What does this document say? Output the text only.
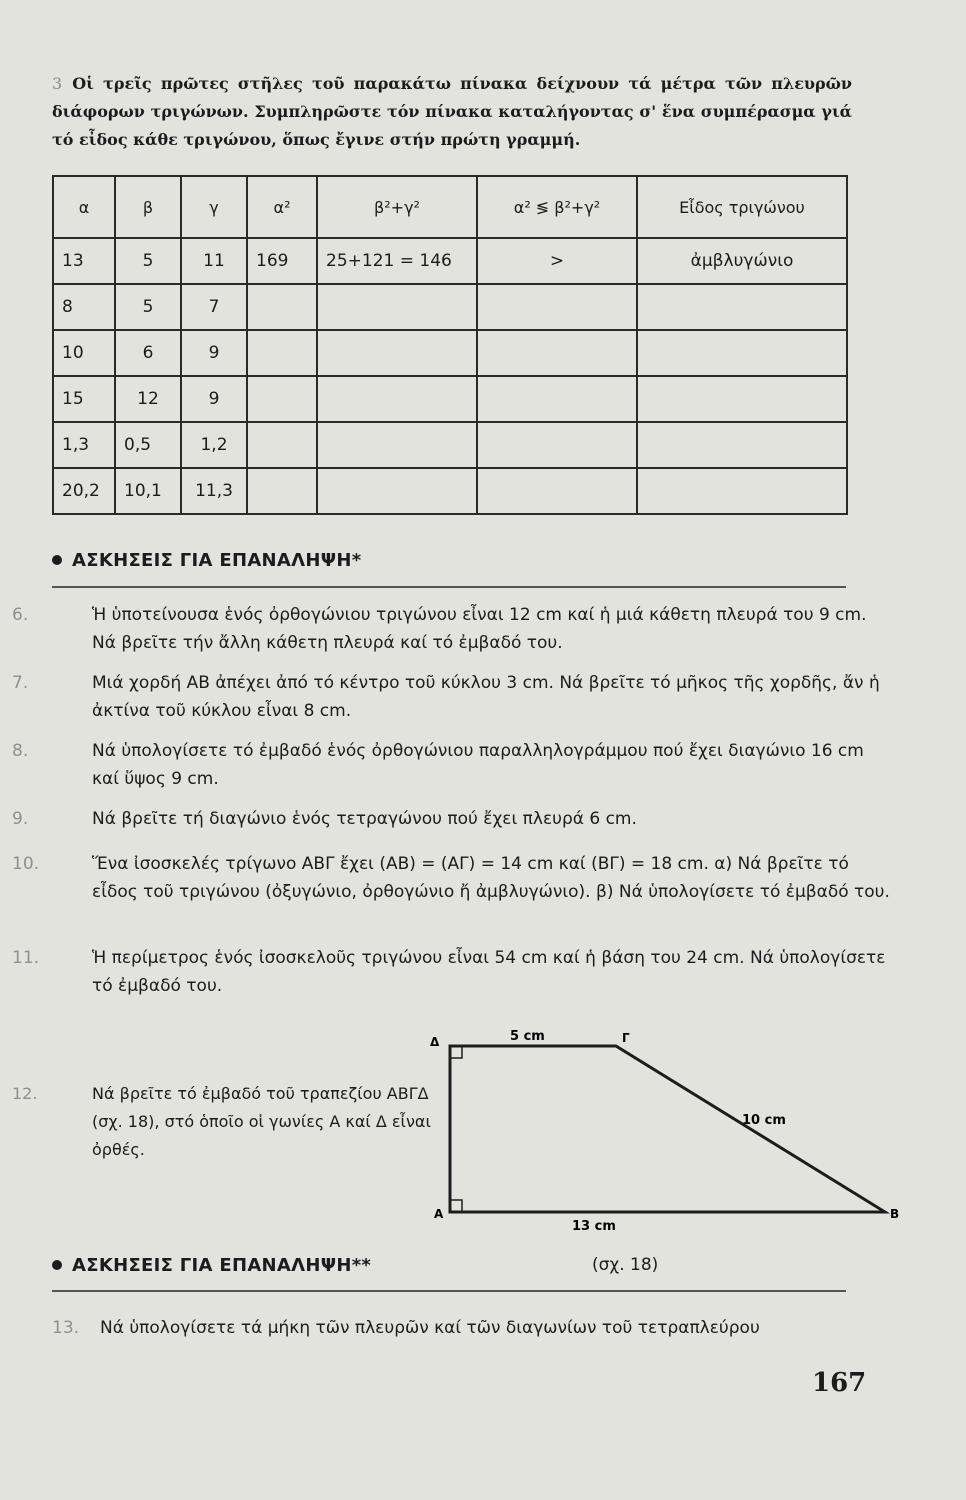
3 Οἱ τρεῖς πρῶτες στῆλες τοῦ παρακάτω πίνακα δείχνουν τά μέτρα τῶν πλευρῶν διάφορων τριγώνων. Συμπληρῶστε τόν πίνακα καταλήγοντας σ' ἕνα συμπέρασμα γιά τό εἶδος κάθε τριγώνου, ὅπως ἔγινε στήν πρώτη γραμμή.
α	β	γ	α²	β²+γ²	α² ≶ β²+γ²	Εἶδος τριγώνου
13	5	11	169	25+121 = 146	>	ἀμβλυγώνιο
8	5	7				
10	6	9				
15	12	9				
1,3	0,5	1,2				
20,2	10,1	11,3				
ΑΣΚΗΣΕΙΣ ΓΙΑ ΕΠΑΝΑΛΗΨΗ*
6.	Ἡ ὑποτείνουσα ἑνός ὀρθογώνιου τριγώνου εἶναι 12 cm καί ἡ μιά κάθετη πλευρά του 9 cm. Νά βρεῖτε τήν ἄλλη κάθετη πλευρά καί τό ἐμβαδό του.
7.	Μιά χορδή ΑΒ ἀπέχει ἀπό τό κέντρο τοῦ κύκλου 3 cm. Νά βρεῖτε τό μῆκος τῆς χορδῆς, ἄν ἡ ἀκτίνα τοῦ κύκλου εἶναι 8 cm.
8.	Νά ὑπολογίσετε τό ἐμβαδό ἑνός ὀρθογώνιου παραλληλογράμμου πού ἔχει διαγώνιο 16 cm καί ὕψος 9 cm.
9.	Νά βρεῖτε τή διαγώνιο ἑνός τετραγώνου πού ἔχει πλευρά 6 cm.
10.	Ἕνα ἰσοσκελές τρίγωνο ΑΒΓ ἔχει (ΑΒ) = (ΑΓ) = 14 cm καί (ΒΓ) = 18 cm. α) Νά βρεῖτε τό εἶδος τοῦ τριγώνου (ὀξυγώνιο, ὀρθογώνιο ἤ ἀμβλυγώνιο). β) Νά ὑπολογίσετε τό ἐμβαδό του.
11.	Ἡ περίμετρος ἑνός ἰσοσκελοῦς τριγώνου εἶναι 54 cm καί ἡ βάση του 24 cm. Νά ὑπολογίσετε τό ἐμβαδό του.
12.	Νά βρεῖτε τό ἐμβαδό τοῦ τραπεζίου ΑΒΓΔ (σχ. 18), στό ὁποῖο οἱ γωνίες Α καί Δ εἶναι ὀρθές.
Δ	Γ
Α	Β
5 cm
10 cm
13 cm
ΑΣΚΗΣΕΙΣ ΓΙΑ ΕΠΑΝΑΛΗΨΗ**	(σχ. 18)
13. Νά ὑπολογίσετε τά μήκη τῶν πλευρῶν καί τῶν διαγωνίων τοῦ τετραπλεύρου
167
